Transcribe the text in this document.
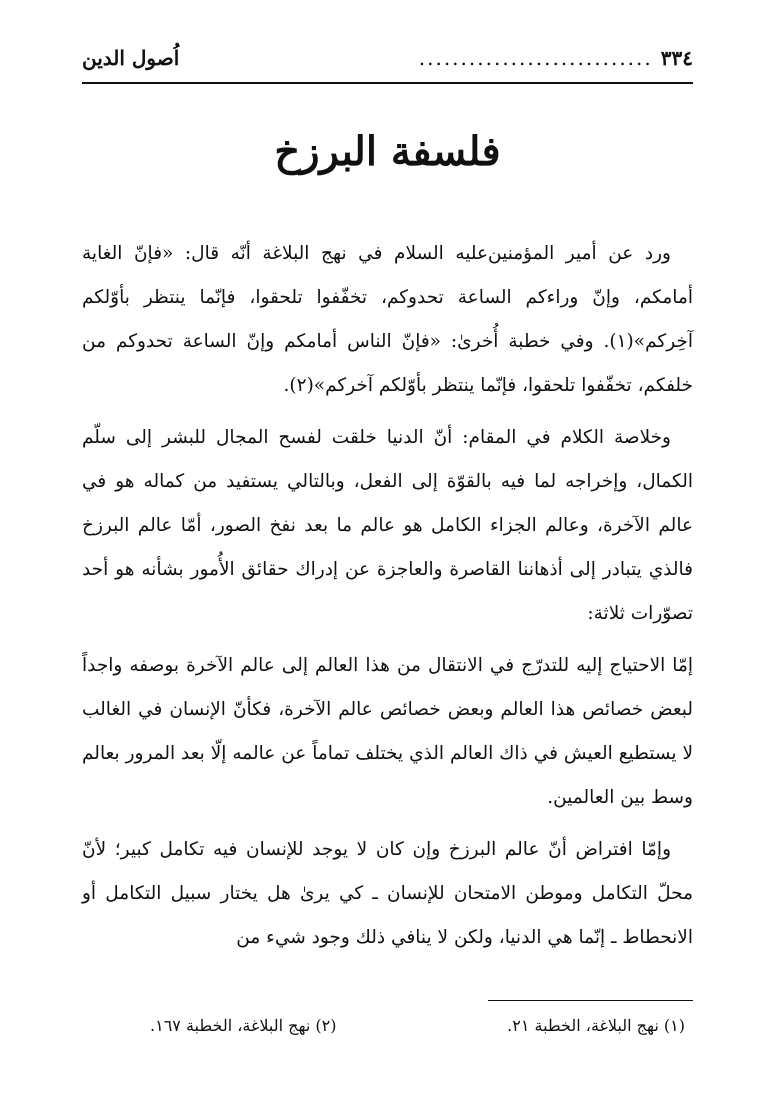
٣٣٤
............................
اُصول الدين
فلسفة البرزخ

ورد عن أمير المؤمنين‌عليه السلام في نهج البلاغة أنّه قال: «فإنّ الغاية أمامكم، وإنّ وراءكم الساعة تحدوكم، تخفّفوا تلحقوا، فإنّما ينتظر بأوّلكم آخِركم»(١). وفي خطبة أُخرىٰ: «فإنّ الناس أمامكم وإنّ الساعة تحدوكم من خلفكم، تخفّفوا تلحقوا، فإنّما ينتظر بأوّلكم آخركم»(٢).

وخلاصة الكلام في المقام: أنّ الدنيا خلقت لفسح المجال للبشر إلى سلّم الكمال، وإخراجه لما فيه بالقوّة إلى الفعل، وبالتالي يستفيد من كماله هو في عالم الآخرة، وعالم الجزاء الكامل هو عالم ما بعد نفخ الصور، أمّا عالم البرزخ فالذي يتبادر إلى أذهاننا القاصرة والعاجزة عن إدراك حقائق الأُمور بشأنه هو أحد تصوّرات ثلاثة:

إمّا الاحتياج إليه للتدرّج في الانتقال من هذا العالم إلى عالم الآخرة بوصفه واجداً لبعض خصائص هذا العالم وبعض خصائص عالم الآخرة، فكأنّ الإنسان في الغالب لا يستطيع العيش في ذاك العالم الذي يختلف تماماً عن عالمه إلّا بعد المرور بعالم وسط بين العالمين.

وإمّا افتراض أنّ عالم البرزخ وإن كان لا يوجد للإنسان فيه تكامل كبير؛ لأنّ محلّ التكامل وموطن الامتحان للإنسان ـ كي يرىٰ هل يختار سبيل التكامل أو الانحطاط ـ إنّما هي الدنيا، ولكن لا ينافي ذلك وجود شيء من

(١) نهج البلاغة، الخطبة ٢١.
(٢) نهج البلاغة، الخطبة ١٦٧.
